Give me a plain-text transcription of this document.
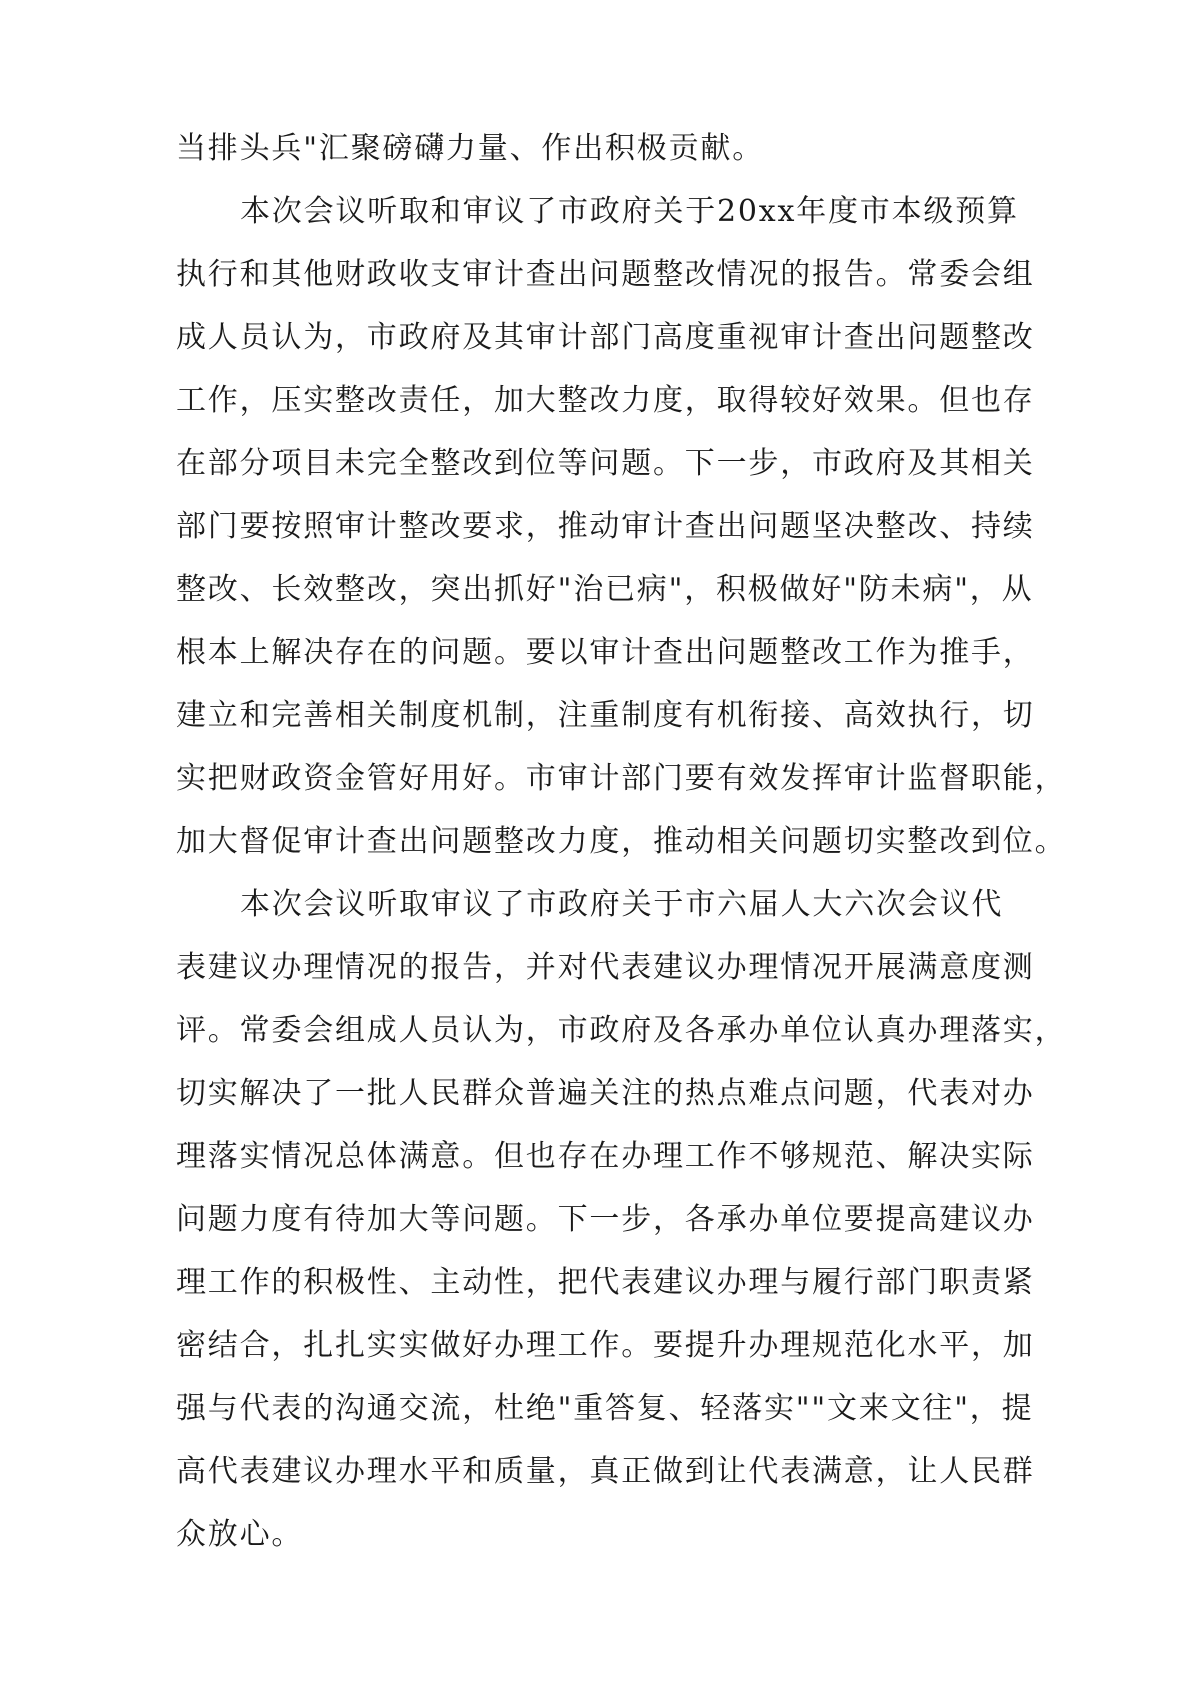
当排头兵"汇聚磅礴力量、作出积极贡献。
本次会议听取和审议了市政府关于20xx年度市本级预算
执行和其他财政收支审计查出问题整改情况的报告。常委会组
成人员认为，市政府及其审计部门高度重视审计查出问题整改
工作，压实整改责任，加大整改力度，取得较好效果。但也存
在部分项目未完全整改到位等问题。下一步，市政府及其相关
部门要按照审计整改要求，推动审计查出问题坚决整改、持续
整改、长效整改，突出抓好"治已病"，积极做好"防未病"，从
根本上解决存在的问题。要以审计查出问题整改工作为推手，
建立和完善相关制度机制，注重制度有机衔接、高效执行，切
实把财政资金管好用好。市审计部门要有效发挥审计监督职能，
加大督促审计查出问题整改力度，推动相关问题切实整改到位。
本次会议听取审议了市政府关于市六届人大六次会议代
表建议办理情况的报告，并对代表建议办理情况开展满意度测
评。常委会组成人员认为，市政府及各承办单位认真办理落实，
切实解决了一批人民群众普遍关注的热点难点问题，代表对办
理落实情况总体满意。但也存在办理工作不够规范、解决实际
问题力度有待加大等问题。下一步，各承办单位要提高建议办
理工作的积极性、主动性，把代表建议办理与履行部门职责紧
密结合，扎扎实实做好办理工作。要提升办理规范化水平，加
强与代表的沟通交流，杜绝"重答复、轻落实""文来文往"，提
高代表建议办理水平和质量，真正做到让代表满意，让人民群
众放心。
